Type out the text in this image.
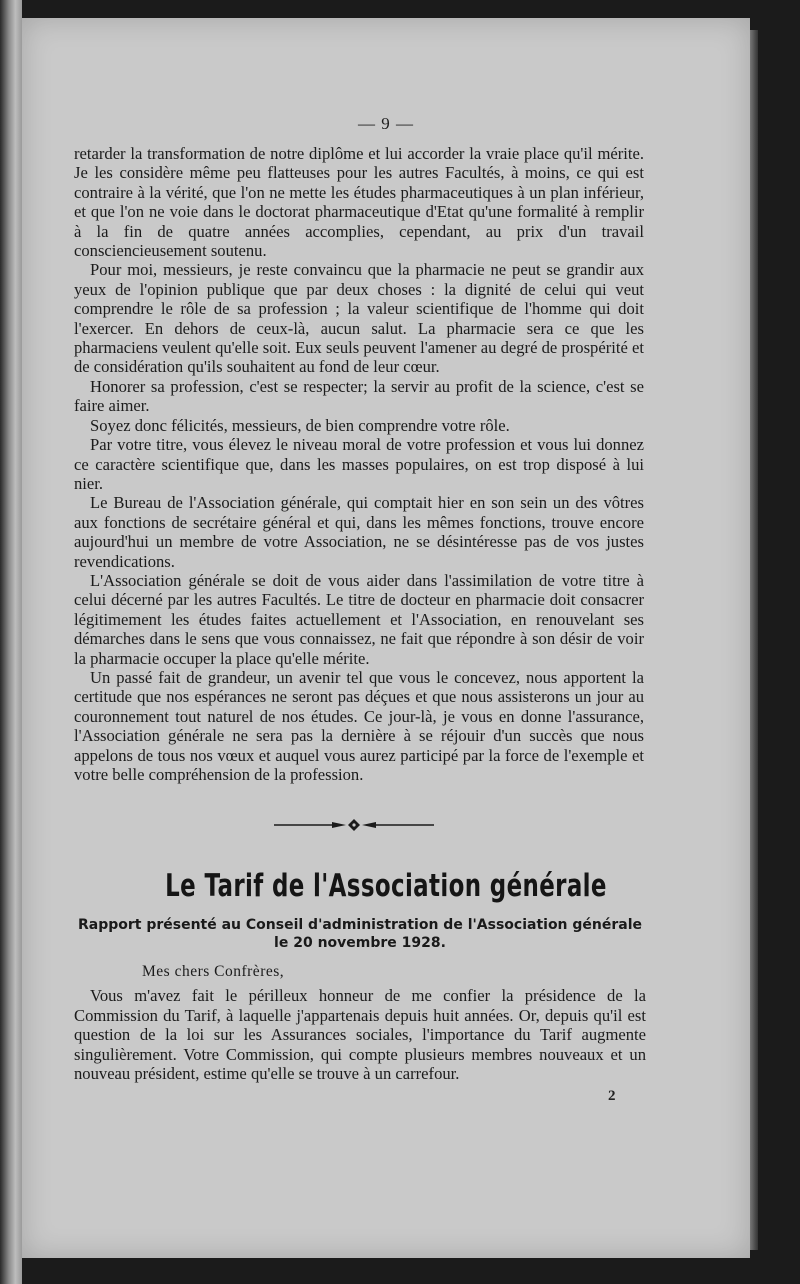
— 9 —

retarder la transformation de notre diplôme et lui accorder la vraie place qu'il mérite. Je les considère même peu flatteuses pour les autres Facultés, à moins, ce qui est contraire à la vérité, que l'on ne mette les études pharmaceutiques à un plan inférieur, et que l'on ne voie dans le doctorat pharmaceutique d'Etat qu'une formalité à remplir à la fin de quatre années accomplies, cependant, au prix d'un travail consciencieusement soutenu.

Pour moi, messieurs, je reste convaincu que la pharmacie ne peut se grandir aux yeux de l'opinion publique que par deux choses : la dignité de celui qui veut comprendre le rôle de sa profession ; la valeur scientifique de l'homme qui doit l'exercer. En dehors de ceux-là, aucun salut. La pharmacie sera ce que les pharmaciens veulent qu'elle soit. Eux seuls peuvent l'amener au degré de prospérité et de considération qu'ils souhaitent au fond de leur cœur.

Honorer sa profession, c'est se respecter; la servir au profit de la science, c'est se faire aimer.

Soyez donc félicités, messieurs, de bien comprendre votre rôle.

Par votre titre, vous élevez le niveau moral de votre profession et vous lui donnez ce caractère scientifique que, dans les masses populaires, on est trop disposé à lui nier.

Le Bureau de l'Association générale, qui comptait hier en son sein un des vôtres aux fonctions de secrétaire général et qui, dans les mêmes fonctions, trouve encore aujourd'hui un membre de votre Association, ne se désintéresse pas de vos justes revendications.

L'Association générale se doit de vous aider dans l'assimilation de votre titre à celui décerné par les autres Facultés. Le titre de docteur en pharmacie doit consacrer légitimement les études faites actuellement et l'Association, en renouvelant ses démarches dans le sens que vous connaissez, ne fait que répondre à son désir de voir la pharmacie occuper la place qu'elle mérite.

Un passé fait de grandeur, un avenir tel que vous le concevez, nous apportent la certitude que nos espérances ne seront pas déçues et que nous assisterons un jour au couronnement tout naturel de nos études. Ce jour-là, je vous en donne l'assurance, l'Association générale ne sera pas la dernière à se réjouir d'un succès que nous appelons de tous nos vœux et auquel vous aurez participé par la force de l'exemple et votre belle compréhension de la profession.

Le Tarif de l'Association générale
Rapport présenté au Conseil d'administration de l'Association générale
le 20 novembre 1928.
Mes chers Confrères,

Vous m'avez fait le périlleux honneur de me confier la présidence de la Commission du Tarif, à laquelle j'appartenais depuis huit années. Or, depuis qu'il est question de la loi sur les Assurances sociales, l'importance du Tarif augmente singulièrement. Votre Commission, qui compte plusieurs membres nouveaux et un nouveau président, estime qu'elle se trouve à un carrefour.

2
